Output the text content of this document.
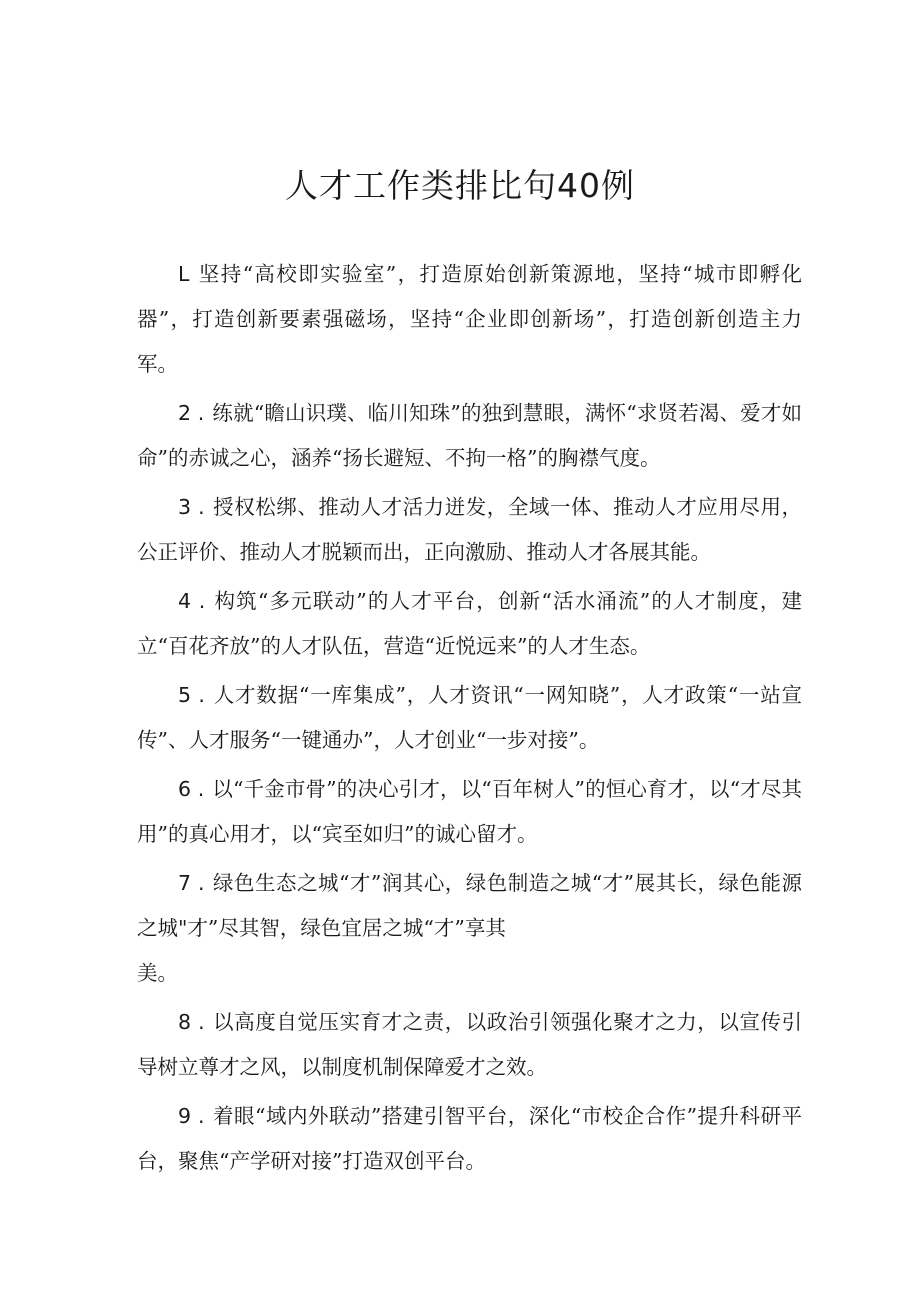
人才工作类排比句40例

L 坚持“高校即实验室”，打造原始创新策源地，坚持“城市即孵化器”，打造创新要素强磁场，坚持“企业即创新场”，打造创新创造主力军。

2 . 练就“瞻山识璞、临川知珠”的独到慧眼，满怀“求贤若渴、爱才如命”的赤诚之心，涵养“扬长避短、不拘一格”的胸襟气度。

3 . 授权松绑、推动人才活力迸发，全域一体、推动人才应用尽用，公正评价、推动人才脱颖而出，正向激励、推动人才各展其能。

4 . 构筑“多元联动”的人才平台，创新“活水涌流”的人才制度，建立“百花齐放”的人才队伍，营造“近悦远来”的人才生态。

5 . 人才数据“一库集成”，人才资讯“一网知晓”，人才政策“一站宣传”、人才服务“一键通办”，人才创业“一步对接”。

6 . 以“千金市骨”的决心引才，以“百年树人”的恒心育才，以“才尽其用”的真心用才，以“宾至如归”的诚心留才。

7 . 绿色生态之城“才”润其心，绿色制造之城“才”展其长，绿色能源之城"才”尽其智，绿色宜居之城“才”享其
美。

8 . 以高度自觉压实育才之责，以政治引领强化聚才之力，以宣传引导树立尊才之风，以制度机制保障爱才之效。

9 . 着眼“域内外联动”搭建引智平台，深化“市校企合作”提升科研平台，聚焦“产学研对接”打造双创平台。
